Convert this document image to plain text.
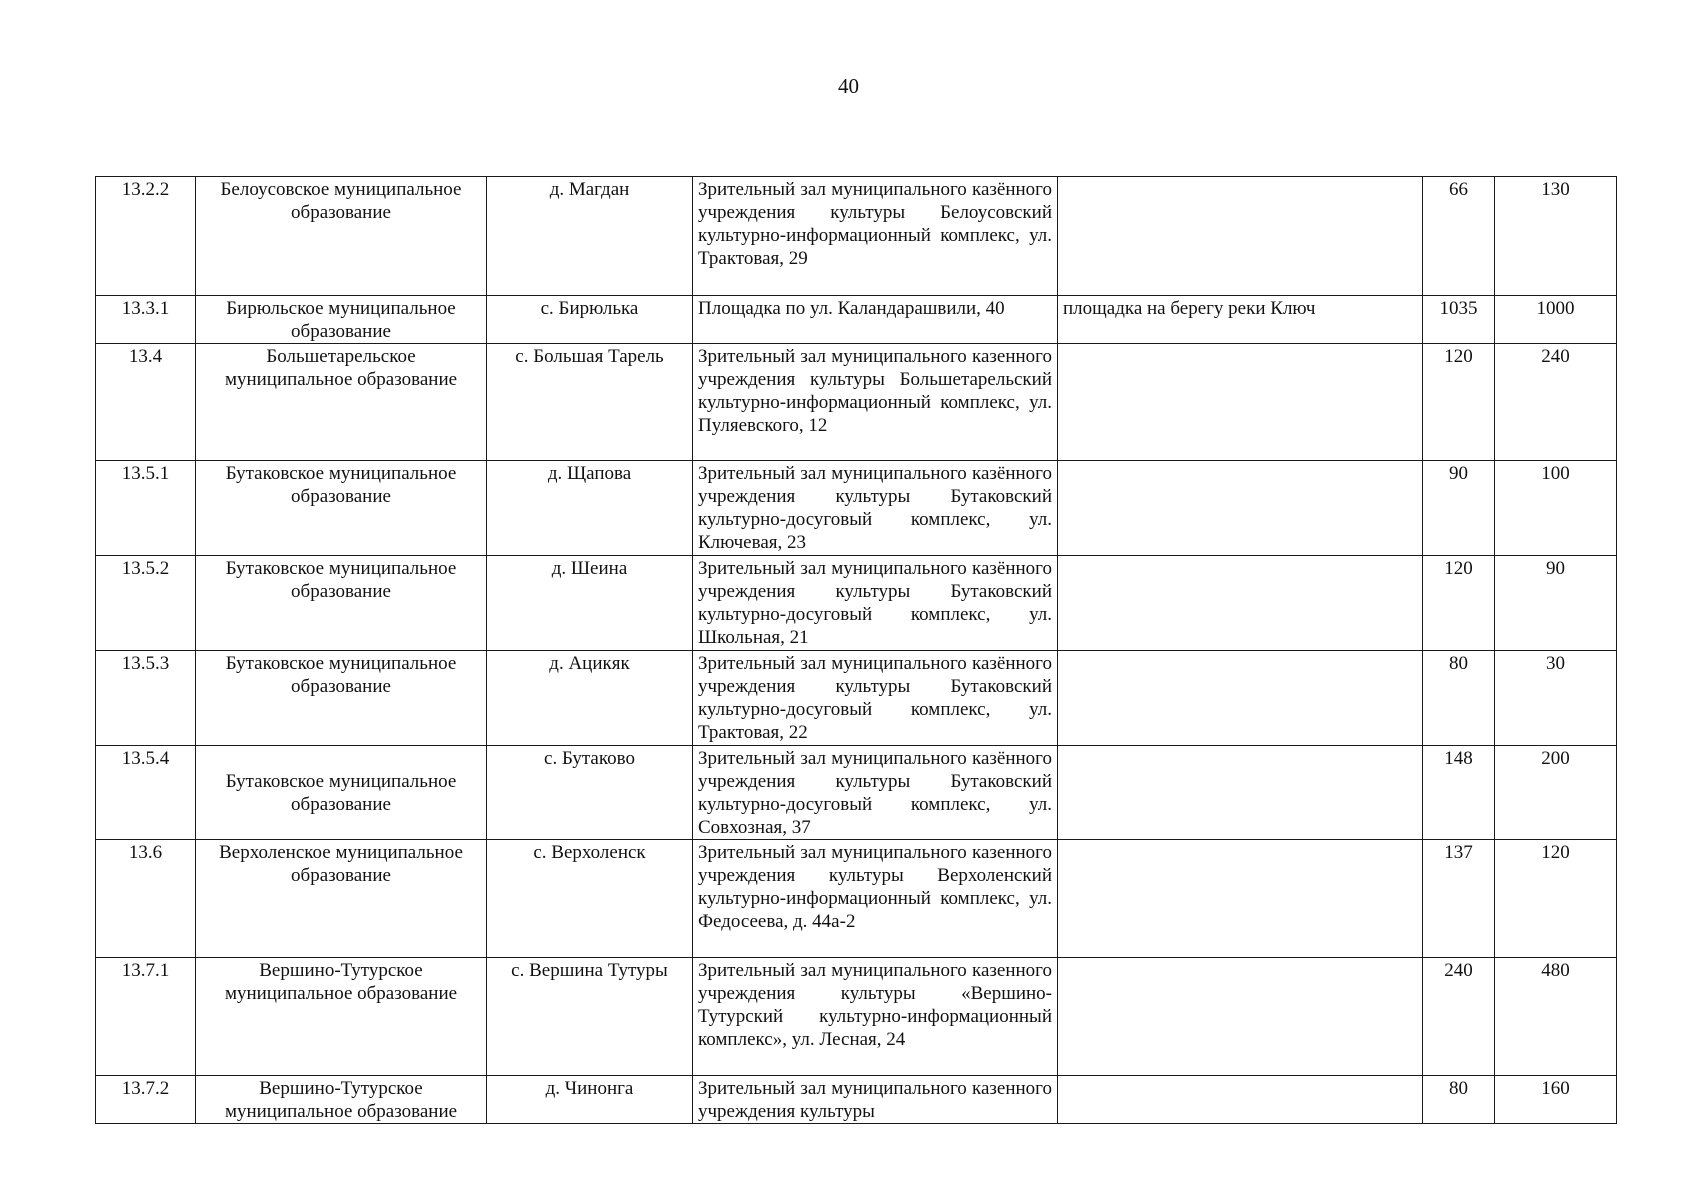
40
13.2.2	Белоусовское муниципальное образование	д. Магдан	Зрительный зал муниципального казённого учреждения культуры Белоусовский культурно-информационный комплекс, ул. Трактовая, 29		66	130
13.3.1	Бирюльское муниципальное образование	с. Бирюлька	Площадка по ул. Каландарашвили, 40	площадка на берегу реки Ключ	1035	1000
13.4	Большетарельское муниципальное образование	с. Большая Тарель	Зрительный зал муниципального казенного учреждения культуры Большетарельский культурно-информационный комплекс, ул. Пуляевского, 12		120	240
13.5.1	Бутаковское муниципальное образование	д. Щапова	Зрительный зал муниципального казённого учреждения культуры Бутаковский культурно-досуговый комплекс, ул. Ключевая, 23		90	100
13.5.2	Бутаковское муниципальное образование	д. Шеина	Зрительный зал муниципального казённого учреждения культуры Бутаковский культурно-досуговый комплекс, ул. Школьная, 21		120	90
13.5.3	Бутаковское муниципальное образование	д. Ацикяк	Зрительный зал муниципального казённого учреждения культуры Бутаковский культурно-досуговый комплекс, ул. Трактовая, 22		80	30
13.5.4	Бутаковское муниципальное образование	с. Бутаково	Зрительный зал муниципального казённого учреждения культуры Бутаковский культурно-досуговый комплекс, ул. Совхозная, 37		148	200
13.6	Верхоленское муниципальное образование	с. Верхоленск	Зрительный зал муниципального казенного учреждения культуры Верхоленский культурно-информационный комплекс, ул. Федосеева, д. 44а-2		137	120
13.7.1	Вершино-Тутурское муниципальное образование	с. Вершина Тутуры	Зрительный зал муниципального казенного учреждения культуры «Вершино-Тутурский культурно-информационный комплекс», ул. Лесная, 24		240	480
13.7.2	Вершино-Тутурское муниципальное образование	д. Чинонга	Зрительный зал муниципального казенного учреждения культуры		80	160
